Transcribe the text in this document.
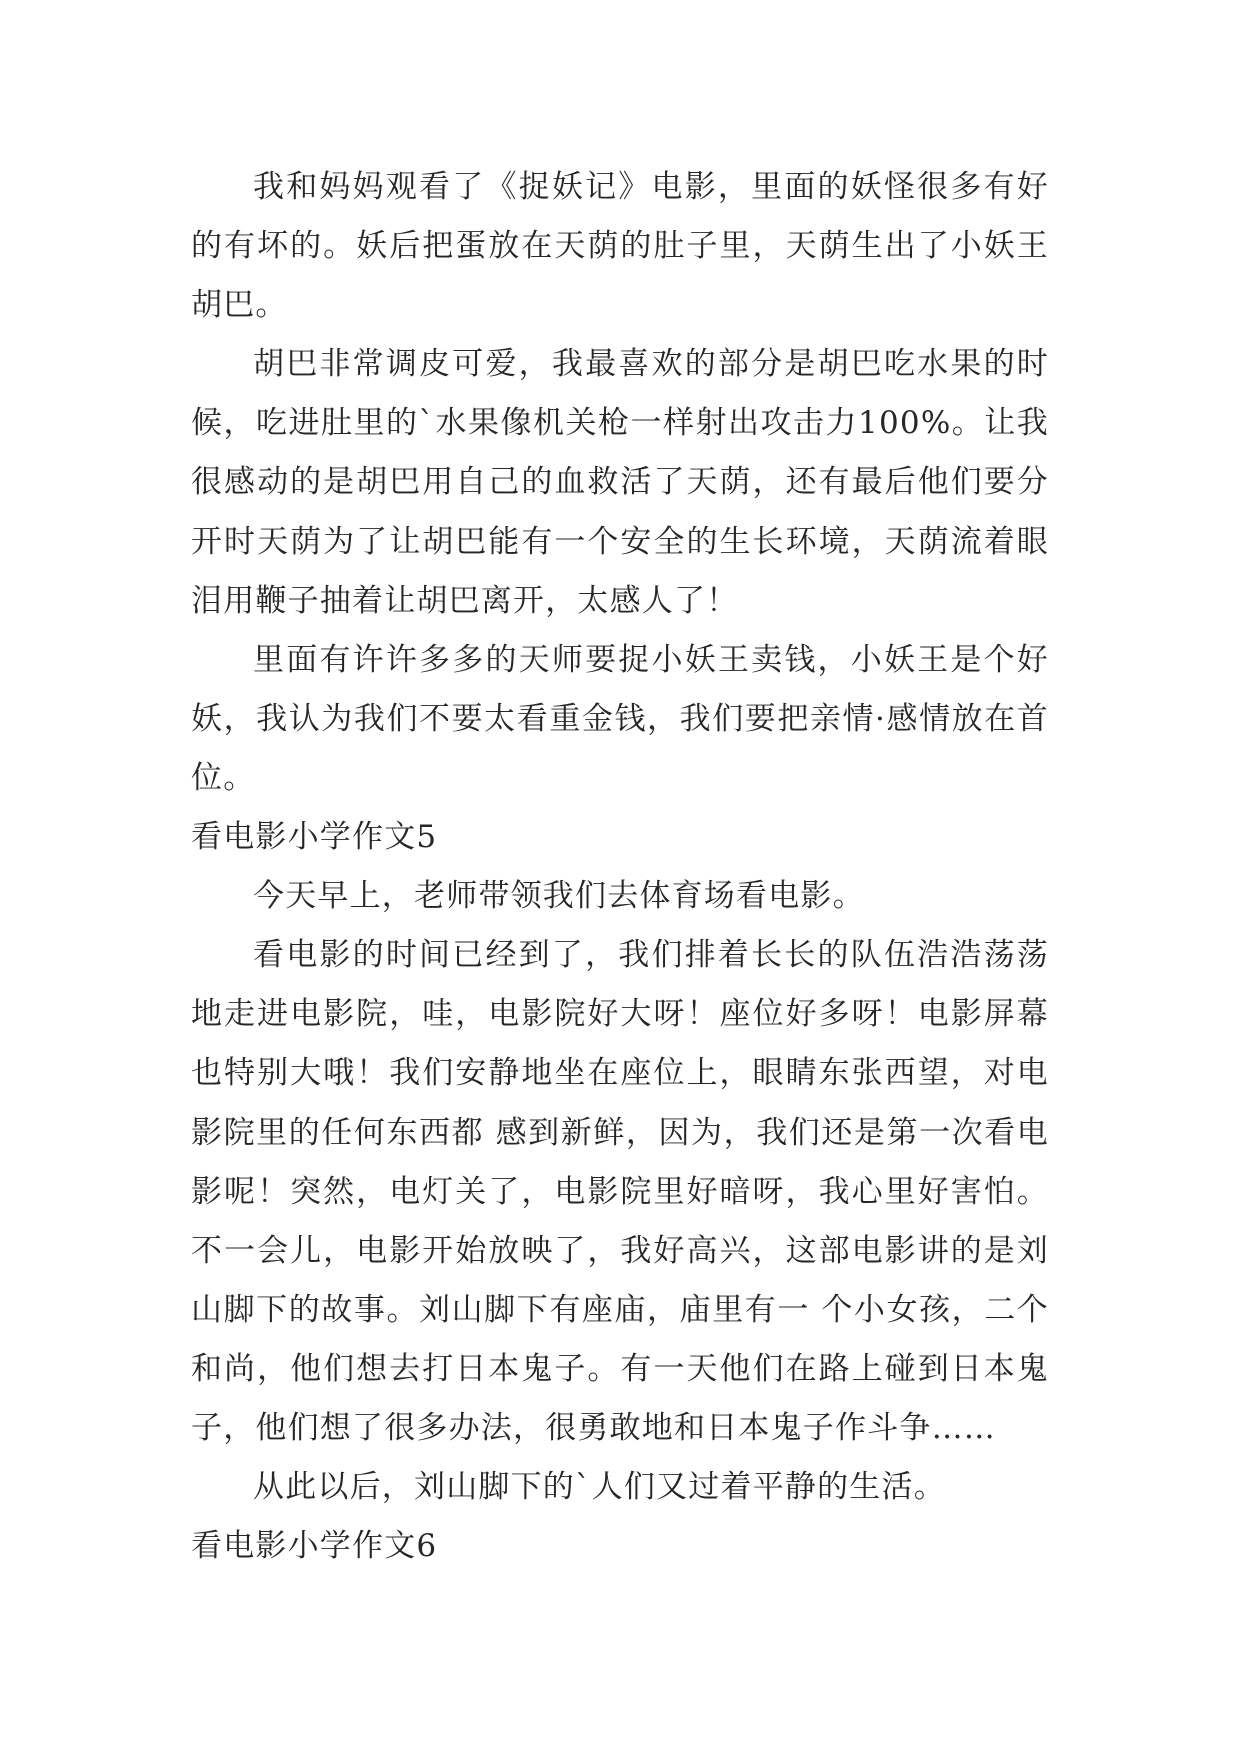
我和妈妈观看了《捉妖记》电影，里面的妖怪很多有好的有坏的。妖后把蛋放在天荫的肚子里，天荫生出了小妖王胡巴。

胡巴非常调皮可爱，我最喜欢的部分是胡巴吃水果的时候，吃进肚里的`水果像机关枪一样射出攻击力100%。让我很感动的是胡巴用自己的血救活了天荫，还有最后他们要分开时天荫为了让胡巴能有一个安全的生长环境，天荫流着眼泪用鞭子抽着让胡巴离开，太感人了！

里面有许许多多的天师要捉小妖王卖钱，小妖王是个好妖，我认为我们不要太看重金钱，我们要把亲情·感情放在首位。

看电影小学作文5

今天早上，老师带领我们去体育场看电影。

看电影的时间已经到了，我们排着长长的队伍浩浩荡荡地走进电影院，哇，电影院好大呀！座位好多呀！电影屏幕也特别大哦！我们安静地坐在座位上，眼睛东张西望，对电影院里的任何东西都 感到新鲜，因为，我们还是第一次看电影呢！突然，电灯关了，电影院里好暗呀，我心里好害怕。不一会儿，电影开始放映了，我好高兴，这部电影讲的是刘山脚下的故事。刘山脚下有座庙，庙里有一 个小女孩，二个和尚，他们想去打日本鬼子。有一天他们在路上碰到日本鬼子，他们想了很多办法，很勇敢地和日本鬼子作斗争……

从此以后，刘山脚下的`人们又过着平静的生活。

看电影小学作文6
